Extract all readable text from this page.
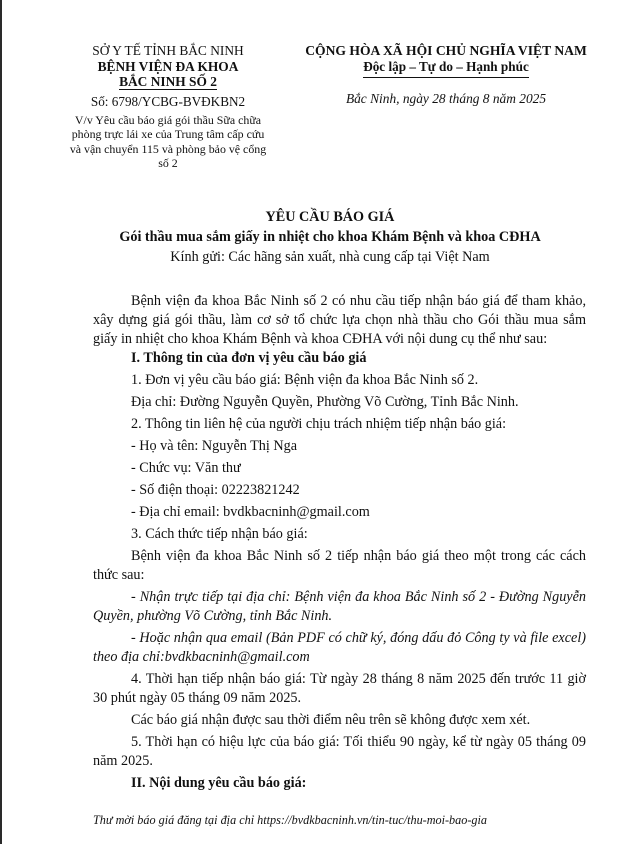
SỞ Y TẾ TỈNH BẮC NINH
BỆNH VIỆN ĐA KHOA
BẮC NINH SỐ 2
Số: 6798/YCBG-BVĐKBN2
V/v Yêu cầu báo giá gói thầu Sữa chữa phòng trực lái xe của Trung tâm cấp cứu và vận chuyển 115 và phòng bảo vệ cổng số 2
CỘNG HÒA XÃ HỘI CHỦ NGHĨA VIỆT NAM
Độc lập – Tự do – Hạnh phúc
Bắc Ninh, ngày 28 tháng 8 năm 2025
YÊU CẦU BÁO GIÁ
Gói thầu mua sắm giấy in nhiệt cho khoa Khám Bệnh và khoa CĐHA
Kính gửi: Các hãng sản xuất, nhà cung cấp tại Việt Nam

Bệnh viện đa khoa Bắc Ninh số 2 có nhu cầu tiếp nhận báo giá để tham khảo, xây dựng giá gói thầu, làm cơ sở tổ chức lựa chọn nhà thầu cho Gói thầu mua sắm giấy in nhiệt cho khoa Khám Bệnh và khoa CĐHA với nội dung cụ thể như sau:

I. Thông tin của đơn vị yêu cầu báo giá

1. Đơn vị yêu cầu báo giá: Bệnh viện đa khoa Bắc Ninh số 2.

Địa chỉ: Đường Nguyễn Quyền, Phường Võ Cường, Tỉnh Bắc Ninh.

2. Thông tin liên hệ của người chịu trách nhiệm tiếp nhận báo giá:

- Họ và tên: Nguyễn Thị Nga

- Chức vụ: Văn thư

- Số điện thoại: 02223821242

- Địa chỉ email: bvdkbacninh@gmail.com

3. Cách thức tiếp nhận báo giá:

Bệnh viện đa khoa Bắc Ninh số 2 tiếp nhận báo giá theo một trong các cách thức sau:

- Nhận trực tiếp tại địa chỉ: Bệnh viện đa khoa Bắc Ninh số 2 - Đường Nguyễn Quyền, phường Võ Cường, tỉnh Bắc Ninh.

- Hoặc nhận qua email (Bản PDF có chữ ký, đóng dấu đỏ Công ty và file excel) theo địa chỉ:bvdkbacninh@gmail.com

4. Thời hạn tiếp nhận báo giá: Từ ngày 28 tháng 8 năm 2025 đến trước 11 giờ 30 phút ngày 05 tháng 09 năm 2025.

Các báo giá nhận được sau thời điểm nêu trên sẽ không được xem xét.

5. Thời hạn có hiệu lực của báo giá: Tối thiểu 90 ngày, kể từ ngày 05 tháng 09 năm 2025.

II. Nội dung yêu cầu báo giá:

Thư mời báo giá đăng tại địa chỉ https://bvdkbacninh.vn/tin-tuc/thu-moi-bao-gia
